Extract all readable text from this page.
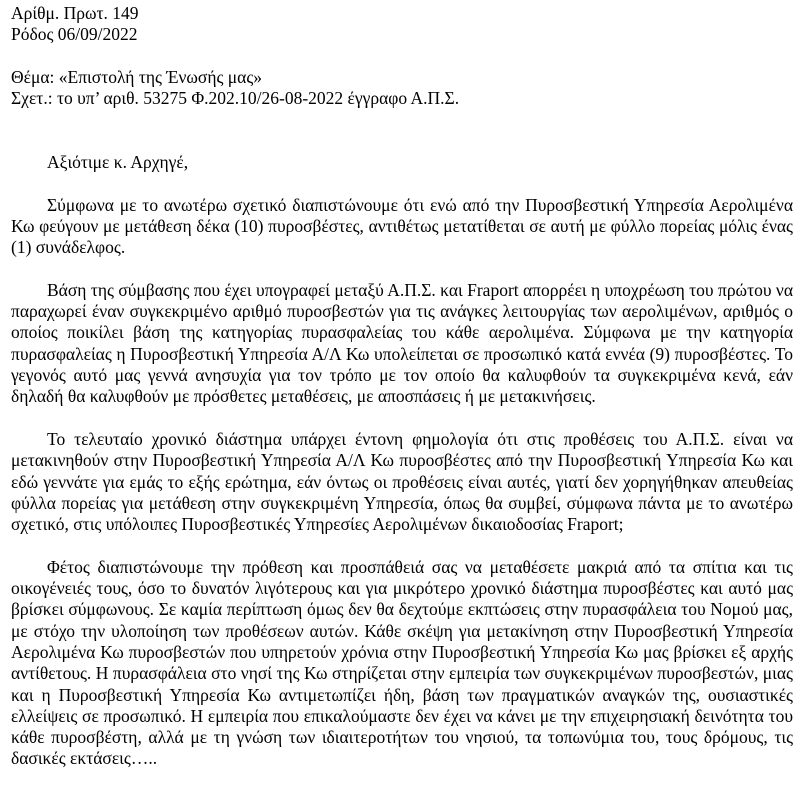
Αρίθμ. Πρωτ. 149
Ρόδος 06/09/2022
Θέμα: «Επιστολή της Ένωσής μας»
Σχετ.: το υπ’ αριθ. 53275 Φ.202.10/26-08-2022 έγγραφο Α.Π.Σ.
Αξιότιμε κ. Αρχηγέ,

Σύμφωνα με το ανωτέρω σχετικό διαπιστώνουμε ότι ενώ από την Πυροσβεστική Υπηρεσία Αερολιμένα Κω φεύγουν με μετάθεση δέκα (10) πυροσβέστες, αντιθέτως μετατίθεται σε αυτή με φύλλο πορείας μόλις ένας (1) συνάδελφος.

Βάση της σύμβασης που έχει υπογραφεί μεταξύ Α.Π.Σ. και Fraport απορρέει η υποχρέωση του πρώτου να παραχωρεί έναν συγκεκριμένο αριθμό πυροσβεστών για τις ανάγκες λειτουργίας των αερολιμένων, αριθμός ο οποίος ποικίλει βάση της κατηγορίας πυρασφαλείας του κάθε αερολιμένα. Σύμφωνα με την κατηγορία πυρασφαλείας η Πυροσβεστική Υπηρεσία Α/Λ Κω υπολείπεται σε προσωπικό κατά εννέα (9) πυροσβέστες. Το γεγονός αυτό μας γεννά ανησυχία για τον τρόπο με τον οποίο θα καλυφθούν τα συγκεκριμένα κενά, εάν δηλαδή θα καλυφθούν με πρόσθετες μεταθέσεις, με αποσπάσεις ή με μετακινήσεις.

Το τελευταίο χρονικό διάστημα υπάρχει έντονη φημολογία ότι στις προθέσεις του Α.Π.Σ. είναι να μετακινηθούν στην Πυροσβεστική Υπηρεσία Α/Λ Κω πυροσβέστες από την Πυροσβεστική Υπηρεσία Κω και εδώ γεννάτε για εμάς το εξής ερώτημα, εάν όντως οι προθέσεις είναι αυτές, γιατί δεν χορηγήθηκαν απευθείας φύλλα πορείας για μετάθεση στην συγκεκριμένη Υπηρεσία, όπως θα συμβεί, σύμφωνα πάντα με το ανωτέρω σχετικό, στις υπόλοιπες Πυροσβεστικές Υπηρεσίες Αερολιμένων δικαιοδοσίας Fraport;

Φέτος διαπιστώνουμε την πρόθεση και προσπάθειά σας να μεταθέσετε μακριά από τα σπίτια και τις οικογένειές τους, όσο το δυνατόν λιγότερους και για μικρότερο χρονικό διάστημα πυροσβέστες και αυτό μας βρίσκει σύμφωνους. Σε καμία περίπτωση όμως δεν θα δεχτούμε εκπτώσεις στην πυρασφάλεια του Νομού μας, με στόχο την υλοποίηση των προθέσεων αυτών. Κάθε σκέψη για μετακίνηση στην Πυροσβεστική Υπηρεσία Αερολιμένα Κω πυροσβεστών που υπηρετούν χρόνια στην Πυροσβεστική Υπηρεσία Κω μας βρίσκει εξ αρχής αντίθετους. Η πυρασφάλεια στο νησί της Κω στηρίζεται στην εμπειρία των συγκεκριμένων πυροσβεστών, μιας και η Πυροσβεστική Υπηρεσία Κω αντιμετωπίζει ήδη, βάση των πραγματικών αναγκών της, ουσιαστικές ελλείψεις σε προσωπικό. Η εμπειρία που επικαλούμαστε δεν έχει να κάνει με την επιχειρησιακή δεινότητα του κάθε πυροσβέστη, αλλά με τη γνώση των ιδιαιτεροτήτων του νησιού, τα τοπωνύμια του, τους δρόμους, τις δασικές εκτάσεις…..
